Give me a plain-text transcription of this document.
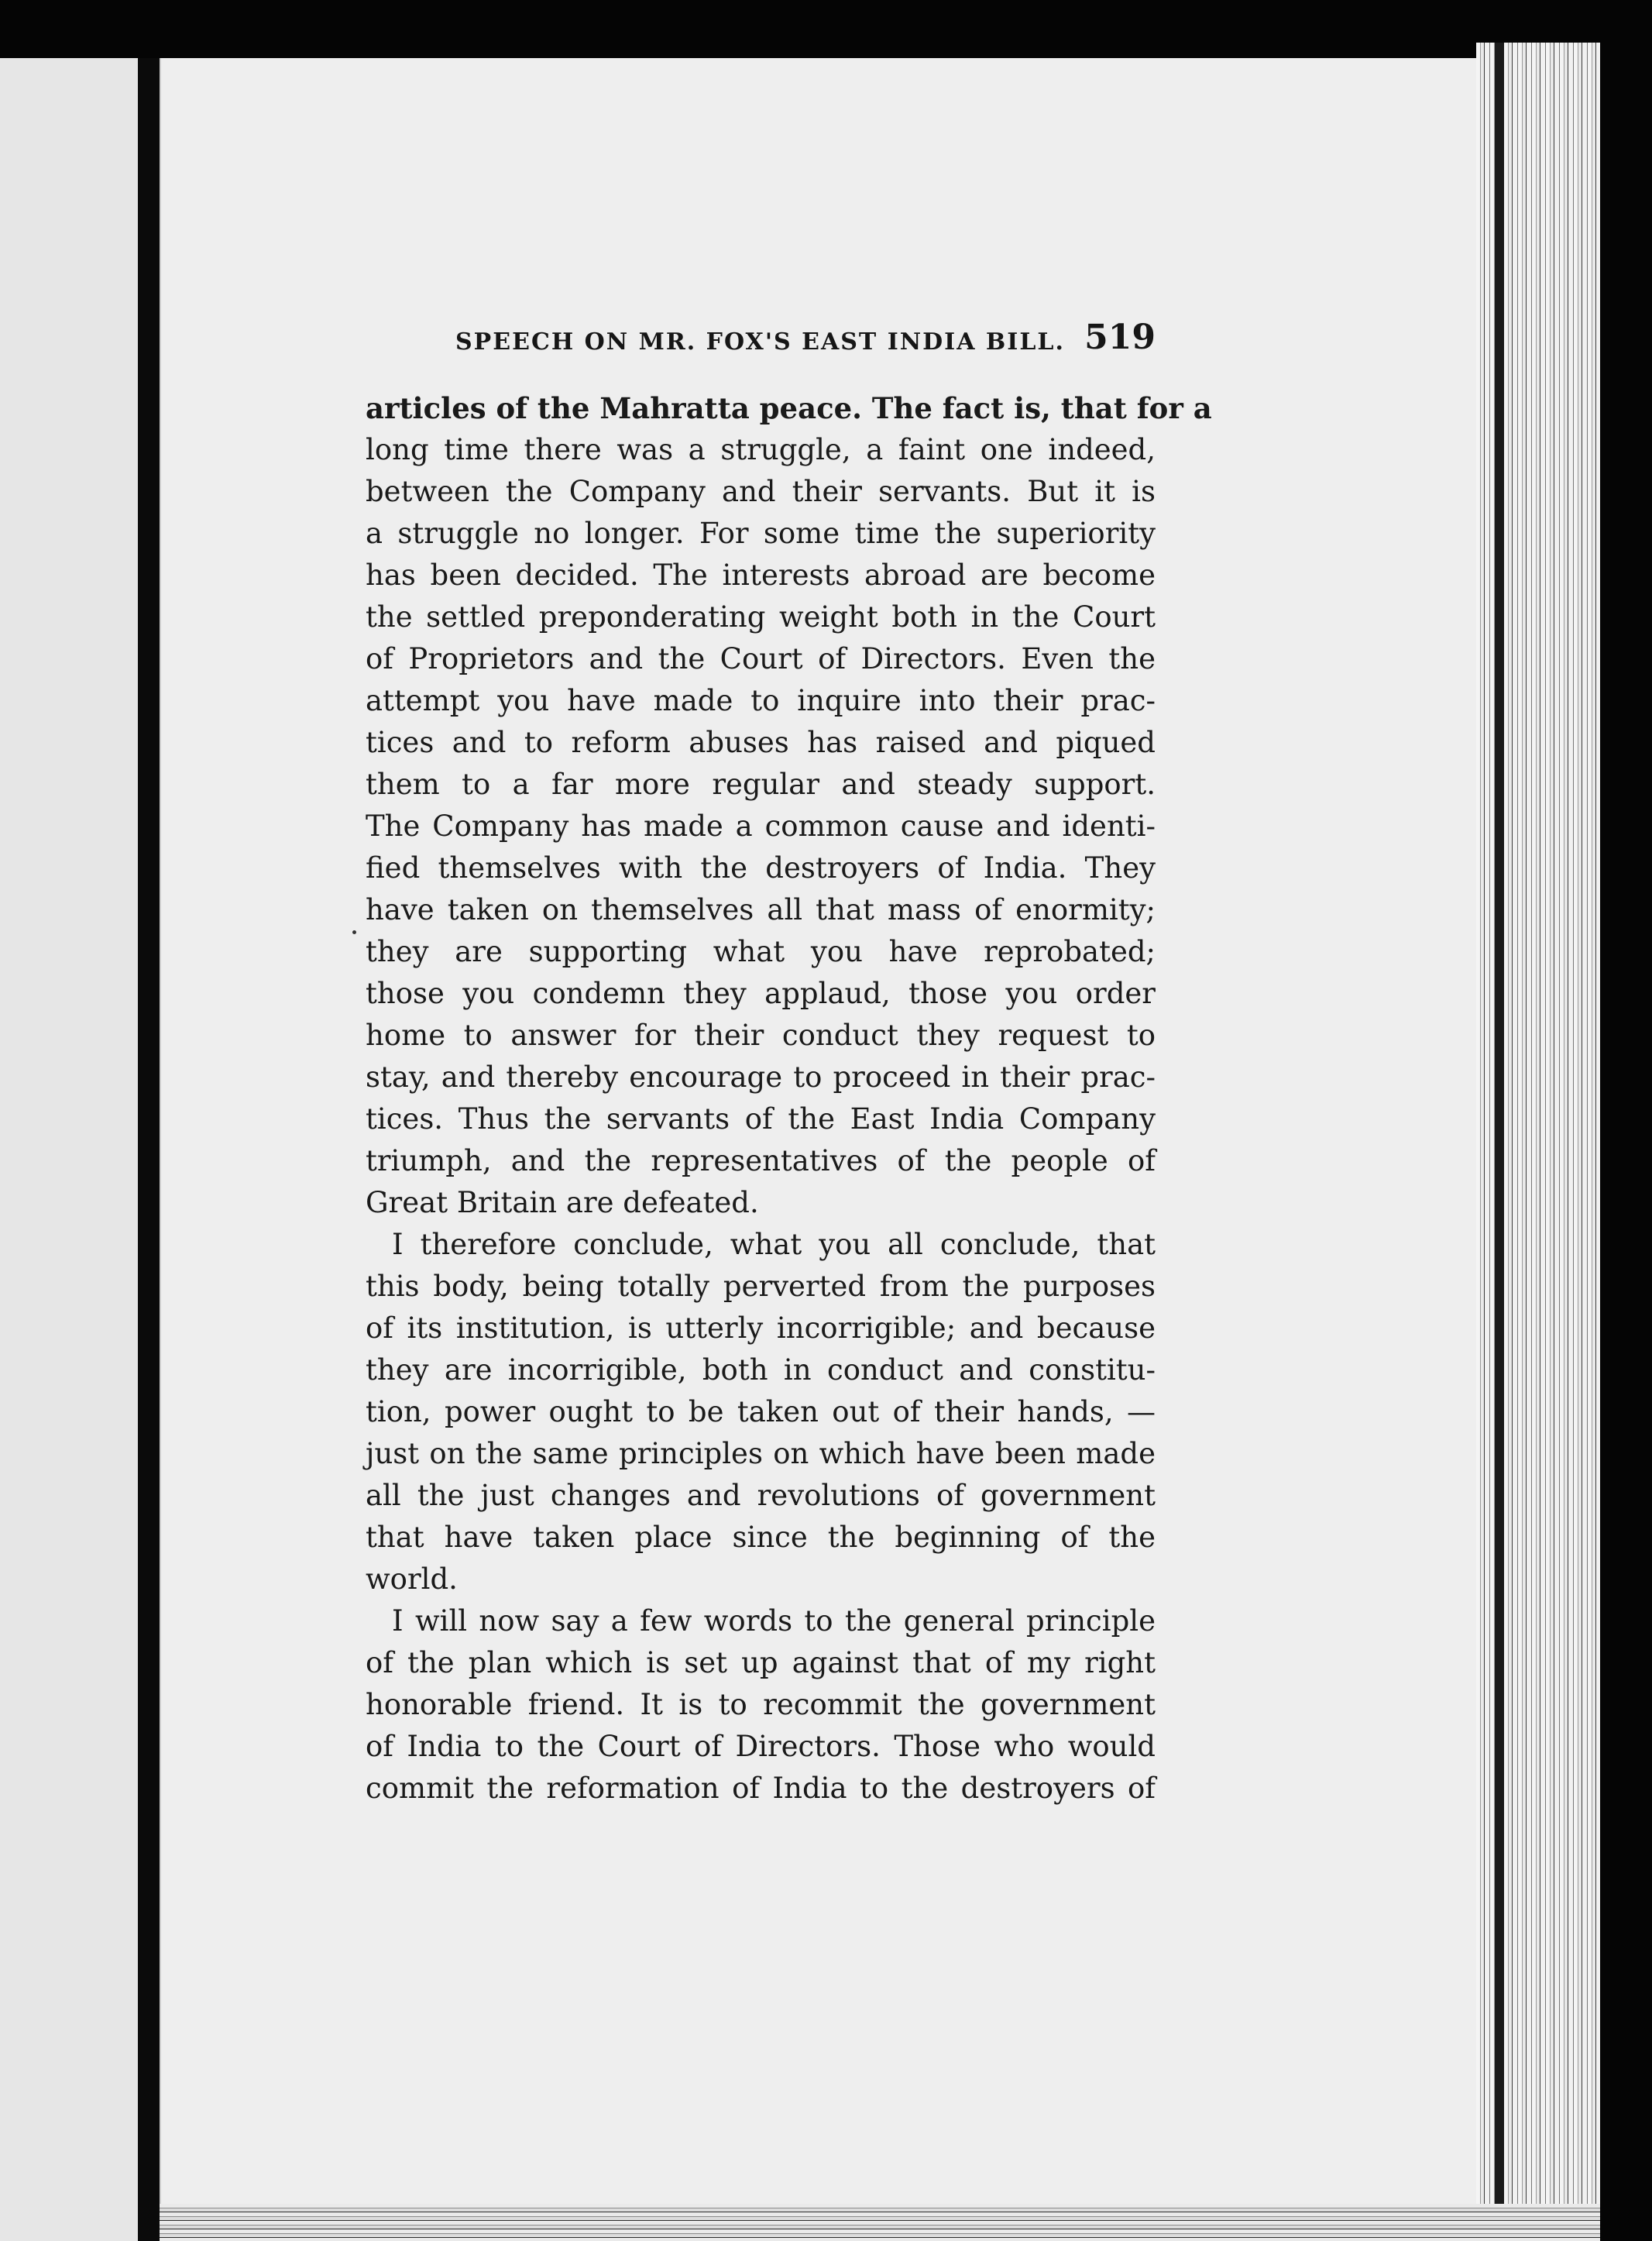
SPEECH ON MR. FOX'S EAST INDIA BILL. 519
articles of the Mahratta peace. The fact is, that for a
long time there was a struggle, a faint one indeed,
between the Company and their servants. But it is
a struggle no longer. For some time the superiority
has been decided. The interests abroad are become
the settled preponderating weight both in the Court
of Proprietors and the Court of Directors. Even the
attempt you have made to inquire into their prac-
tices and to reform abuses has raised and piqued
them to a far more regular and steady support.
The Company has made a common cause and identi-
fied themselves with the destroyers of India. They
have taken on themselves all that mass of enormity;
they are supporting what you have reprobated;
those you condemn they applaud, those you order
home to answer for their conduct they request to
stay, and thereby encourage to proceed in their prac-
tices. Thus the servants of the East India Company
triumph, and the representatives of the people of
Great Britain are defeated.
I therefore conclude, what you all conclude, that
this body, being totally perverted from the purposes
of its institution, is utterly incorrigible; and because
they are incorrigible, both in conduct and constitu-
tion, power ought to be taken out of their hands, —
just on the same principles on which have been made
all the just changes and revolutions of government
that have taken place since the beginning of the
world.
I will now say a few words to the general principle
of the plan which is set up against that of my right
honorable friend. It is to recommit the government
of India to the Court of Directors. Those who would
commit the reformation of India to the destroyers of
